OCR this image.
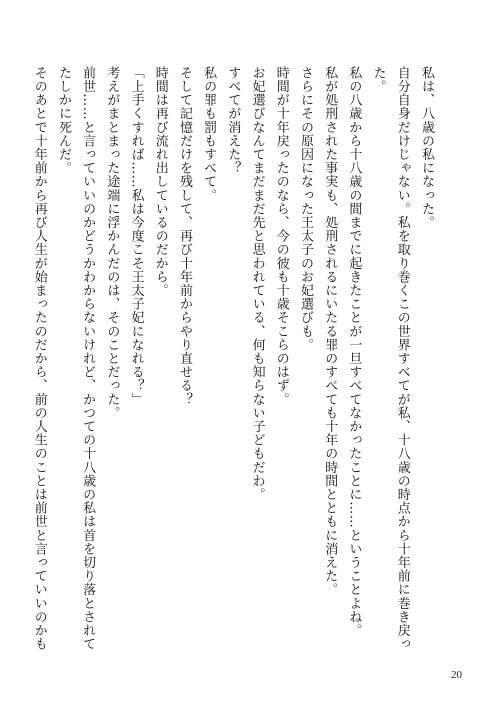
私は、八歳の私になった。

自分自身だけじゃない。私を取り巻くこの世界すべてが私、十八歳の時点から十年前に巻き戻っ

た。

私の八歳から十八歳の間までに起きたことが一旦すべてなかったことに……ということよね。

私が処刑された事実も、処刑されるにいたる罪のすべても十年の時間とともに消えた。

さらにその原因になった王太子のお妃選びも。

時間が十年戻ったのなら、今の彼も十歳そこらのはず。

お妃選びなんてまだまだ先と思われている、何も知らない子どもだわ。

すべてが消えた？

私の罪も罰もすべて。

そして記憶だけを残して、再び十年前からやり直せる？

時間は再び流れ出しているのだから。

「上手くすれば……私は今度こそ王太子妃になれる？」

考えがまとまった途端に浮かんだのは、そのことだった。

前世……と言っていいのかどうかわからないけれど、かつての十八歳の私は首を切り落とされて

たしかに死んだ。

そのあとで十年前から再び人生が始まったのだから、前の人生のことは前世と言っていいのかも

20
